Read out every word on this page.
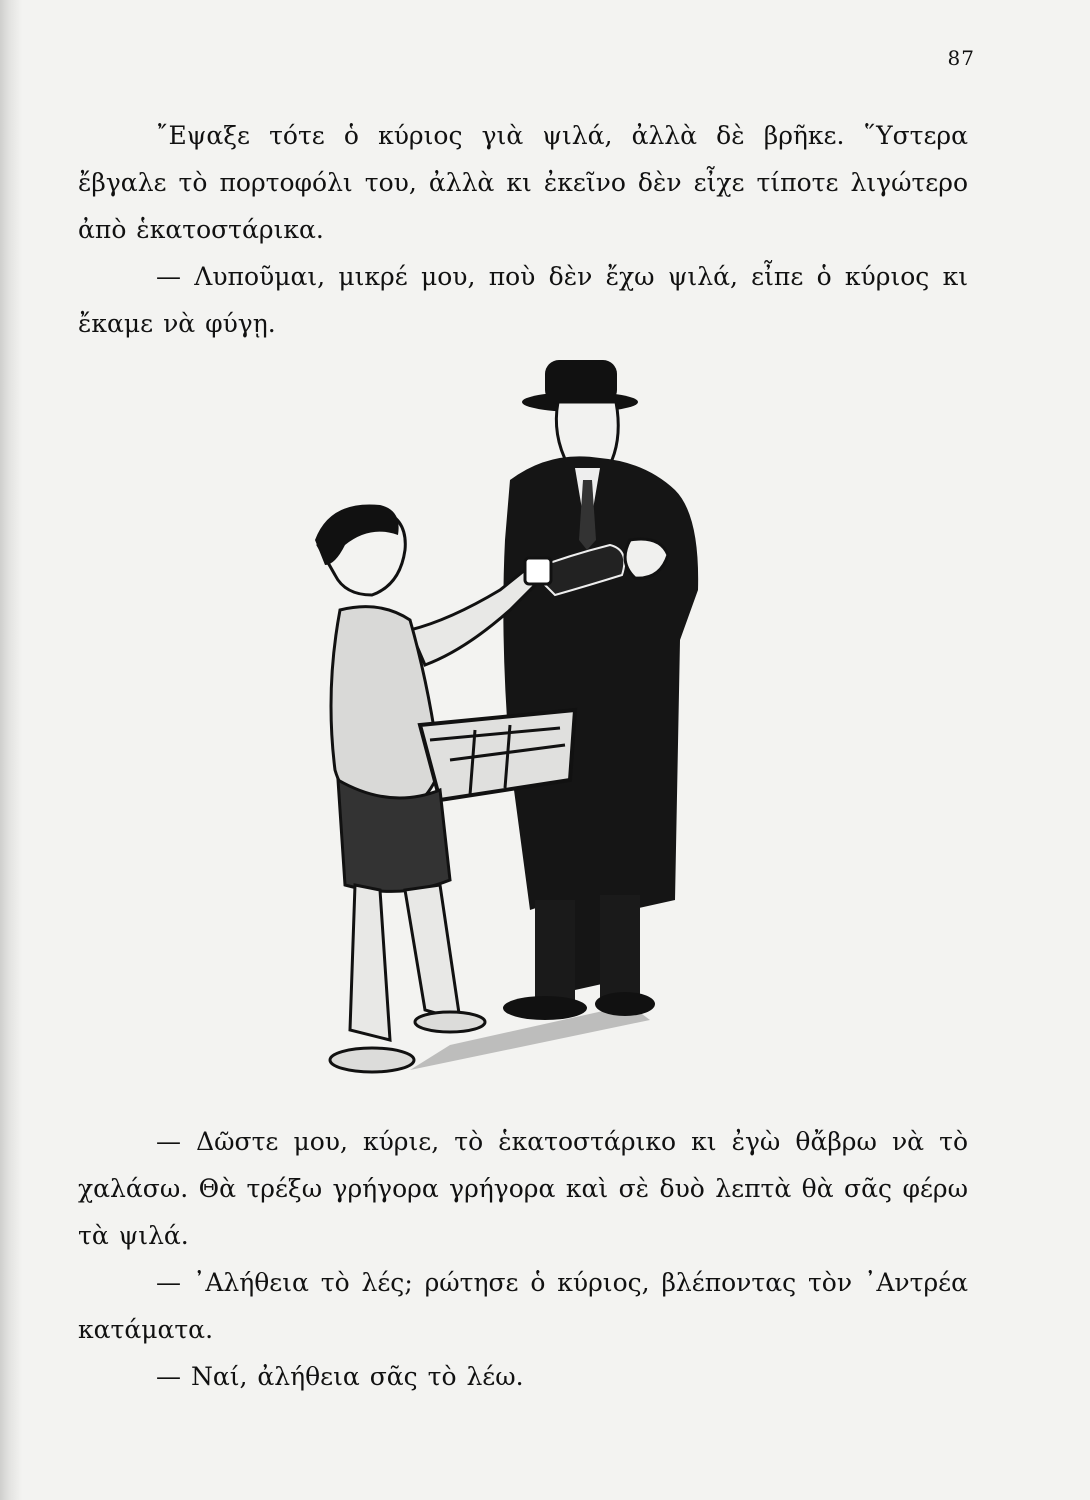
87

῎Εψαξε τότε ὁ κύριος γιὰ ψιλά, ἀλλὰ δὲ βρῆκε. ῞Υστερα ἔβγαλε τὸ πορτοφόλι του, ἀλλὰ κι ἐκεῖνο δὲν εἶχε τίποτε λιγώτερο ἀπὸ ἑκατοστάρικα.

— Λυποῦμαι, μικρέ μου, ποὺ δὲν ἔχω ψιλά, εἶπε ὁ κύριος κι ἔκαμε νὰ φύγῃ.

— Δῶστε μου, κύριε, τὸ ἑκατοστάρικο κι ἐγὼ θἄβρω νὰ τὸ χαλάσω. Θὰ τρέξω γρήγορα γρήγορα καὶ σὲ δυὸ λεπτὰ θὰ σᾶς φέρω τὰ ψιλά.

— ᾽Αλήθεια τὸ λές; ρώτησε ὁ κύριος, βλέποντας τὸν ᾽Αντρέα κατάματα.

— Ναί, ἀλήθεια σᾶς τὸ λέω.
